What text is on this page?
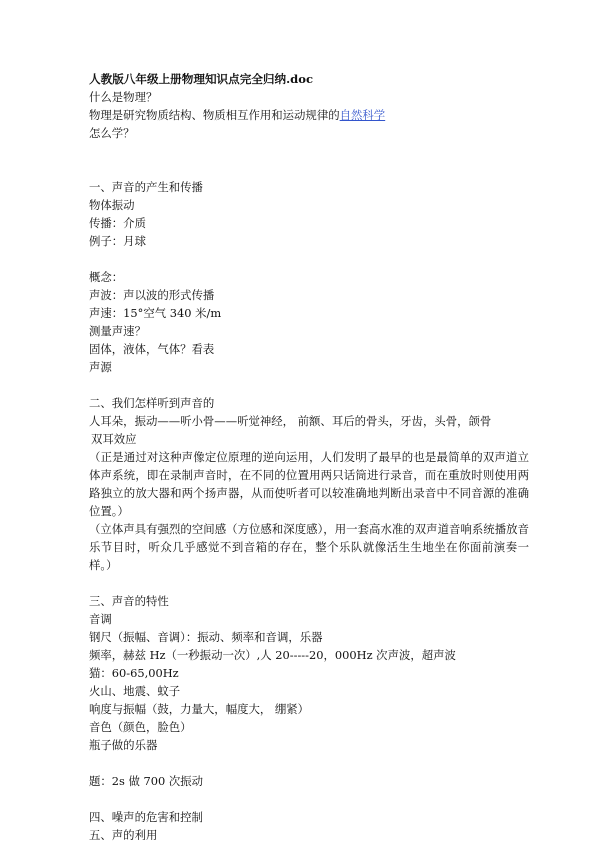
人教版八年级上册物理知识点完全归纳.doc

什么是物理？

物理是研究物质结构、物质相互作用和运动规律的自然科学

怎么学？

一、声音的产生和传播

物体振动

传播：介质

例子：月球

概念：

声波：声以波的形式传播

声速：15°空气 340 米/m

测量声速？

固体，液体，气体？看表

声源

二、我们怎样听到声音的

人耳朵，振动——听小骨——听觉神经， 前额、耳后的骨头，牙齿，头骨，颌骨

双耳效应

（正是通过对这种声像定位原理的逆向运用，人们发明了最早的也是最简单的双声道立体声系统，即在录制声音时，在不同的位置用两只话筒进行录音，而在重放时则使用两路独立的放大器和两个扬声器，从而使听者可以较准确地判断出录音中不同音源的准确位置。）

（立体声具有强烈的空间感（方位感和深度感），用一套高水准的双声道音响系统播放音乐节目时，听众几乎感觉不到音箱的存在，整个乐队就像活生生地坐在你面前演奏一样。）

三、声音的特性

音调

钢尺（振幅、音调）：振动、频率和音调，乐器

频率，赫兹 Hz（一秒振动一次）,人 20-----20，000Hz 次声波，超声波

猫：60-65,00Hz

火山、地震、蚊子

响度与振幅（鼓，力量大，幅度大， 绷紧）

音色（颜色，脸色）

瓶子做的乐器

题：2s 做 700 次振动

四、噪声的危害和控制

五、声的利用
